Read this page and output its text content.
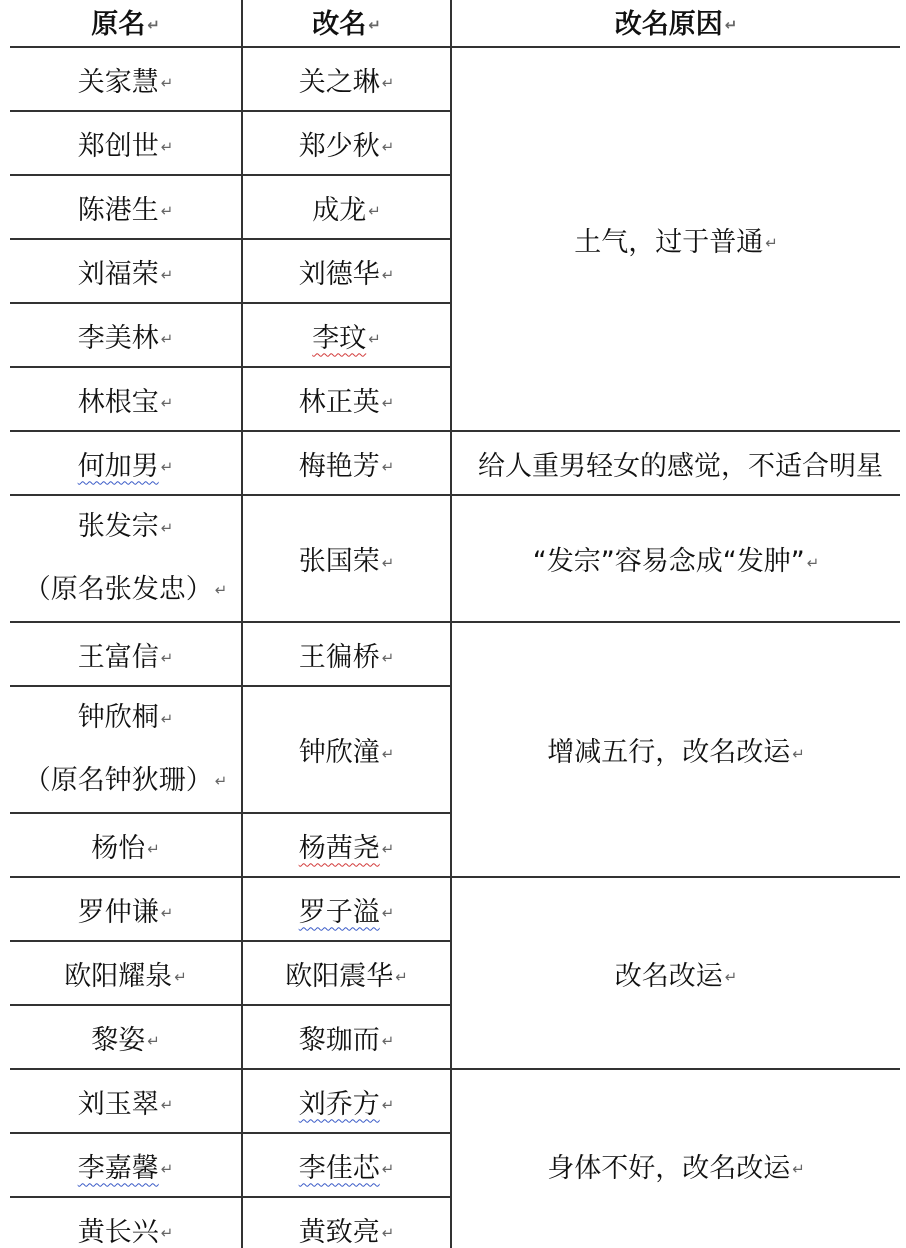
原名 ↵	改名 ↵	改名原因 ↵
关家慧 ↵	关之琳 ↵	土气，过于普通 ↵
郑创世 ↵	郑少秋 ↵	
陈港生 ↵	成龙 ↵	
刘福荣 ↵	刘德华 ↵	
李美林 ↵	李玟 ↵	
林根宝 ↵	林正英 ↵	
何加男 ↵	梅艳芳 ↵	给人重男轻女的感觉，不适合明星

张发宗 ↵
（原名张发忠） ↵	张国荣 ↵	“发宗”容易念成“发肿” ↵
王富信 ↵	王徧桥 ↵	增减五行，改名改运 ↵

钟欣桐 ↵
（原名钟狄珊） ↵	钟欣潼 ↵	
杨怡 ↵	杨茜尧 ↵	
罗仲谦 ↵	罗子溢 ↵	改名改运 ↵
欧阳耀泉 ↵	欧阳震华 ↵	
黎姿 ↵	黎珈而 ↵	
刘玉翠 ↵	刘乔方 ↵	身体不好，改名改运 ↵
李嘉馨 ↵	李佳芯 ↵	
黄长兴 ↵	黄致亮 ↵	
